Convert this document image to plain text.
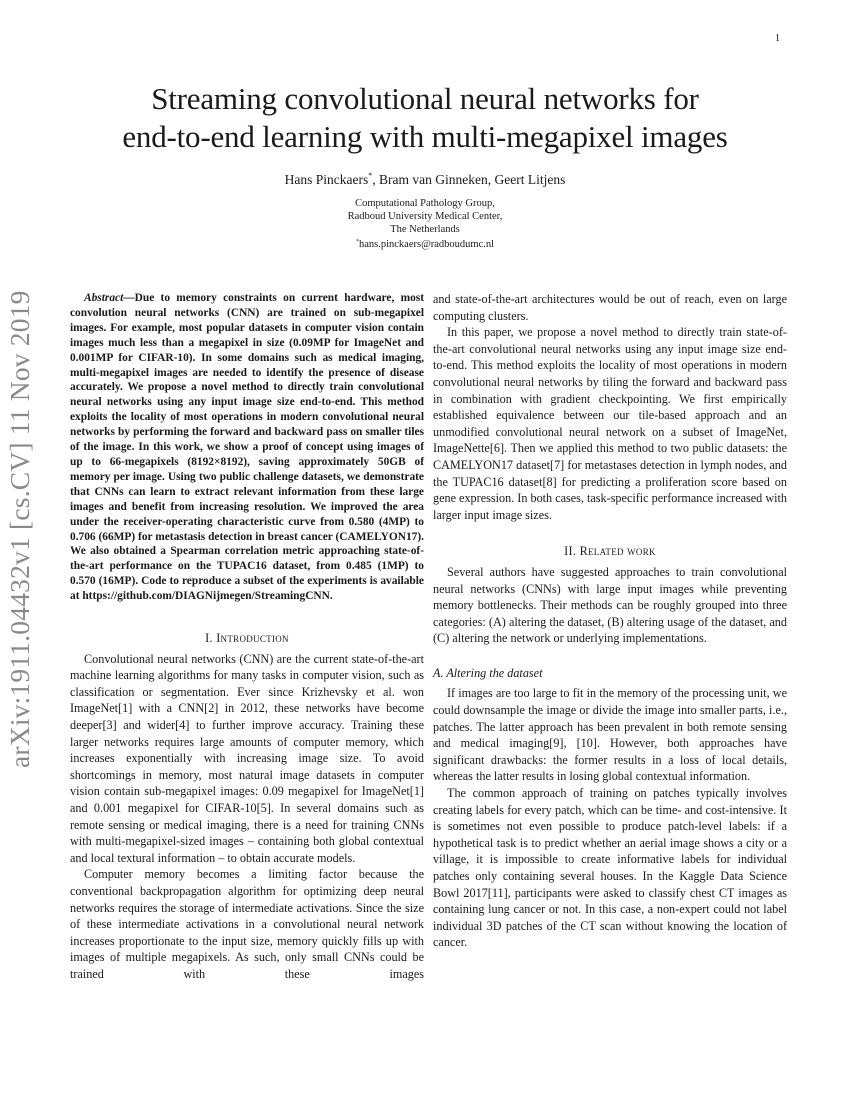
1
arXiv:1911.04432v1 [cs.CV] 11 Nov 2019
Streaming convolutional neural networks for
end-to-end learning with multi-megapixel images
Hans Pinckaers*, Bram van Ginneken, Geert Litjens
Computational Pathology Group,
Radboud University Medical Center,
The Netherlands
*hans.pinckaers@radboudumc.nl

Abstract—Due to memory constraints on current hardware, most convolution neural networks (CNN) are trained on sub-megapixel images. For example, most popular datasets in computer vision contain images much less than a megapixel in size (0.09MP for ImageNet and 0.001MP for CIFAR-10). In some domains such as medical imaging, multi-megapixel images are needed to identify the presence of disease accurately. We propose a novel method to directly train convolutional neural networks using any input image size end-to-end. This method exploits the locality of most operations in modern convolutional neural networks by performing the forward and backward pass on smaller tiles of the image. In this work, we show a proof of concept using images of up to 66-megapixels (8192×8192), saving approximately 50GB of memory per image. Using two public challenge datasets, we demonstrate that CNNs can learn to extract relevant information from these large images and benefit from increasing resolution. We improved the area under the receiver-operating characteristic curve from 0.580 (4MP) to 0.706 (66MP) for metastasis detection in breast cancer (CAMELYON17). We also obtained a Spearman correlation metric approaching state-of-the-art performance on the TUPAC16 dataset, from 0.485 (1MP) to 0.570 (16MP). Code to reproduce a subset of the experiments is available at https://github.com/DIAGNijmegen/StreamingCNN.

I. Introduction

Convolutional neural networks (CNN) are the current state-of-the-art machine learning algorithms for many tasks in computer vision, such as classification or segmentation. Ever since Krizhevsky et al. won ImageNet[1] with a CNN[2] in 2012, these networks have become deeper[3] and wider[4] to further improve accuracy. Training these larger networks requires large amounts of computer memory, which increases exponentially with increasing image size. To avoid shortcomings in memory, most natural image datasets in computer vision contain sub-megapixel images: 0.09 megapixel for ImageNet[1] and 0.001 megapixel for CIFAR-10[5]. In several domains such as remote sensing or medical imaging, there is a need for training CNNs with multi-megapixel-sized images – containing both global contextual and local textural information – to obtain accurate models.

Computer memory becomes a limiting factor because the conventional backpropagation algorithm for optimizing deep neural networks requires the storage of intermediate activations. Since the size of these intermediate activations in a convolutional neural network increases proportionate to the input size, memory quickly fills up with images of multiple megapixels. As such, only small CNNs could be trained with these images

and state-of-the-art architectures would be out of reach, even on large computing clusters.

In this paper, we propose a novel method to directly train state-of-the-art convolutional neural networks using any input image size end-to-end. This method exploits the locality of most operations in modern convolutional neural networks by tiling the forward and backward pass in combination with gradient checkpointing. We first empirically established equivalence between our tile-based approach and an unmodified convolutional neural network on a subset of ImageNet, ImageNette[6]. Then we applied this method to two public datasets: the CAMELYON17 dataset[7] for metastases detection in lymph nodes, and the TUPAC16 dataset[8] for predicting a proliferation score based on gene expression. In both cases, task-specific performance increased with larger input image sizes.

II. Related work

Several authors have suggested approaches to train convolutional neural networks (CNNs) with large input images while preventing memory bottlenecks. Their methods can be roughly grouped into three categories: (A) altering the dataset, (B) altering usage of the dataset, and (C) altering the network or underlying implementations.

A. Altering the dataset

If images are too large to fit in the memory of the processing unit, we could downsample the image or divide the image into smaller parts, i.e., patches. The latter approach has been prevalent in both remote sensing and medical imaging[9], [10]. However, both approaches have significant drawbacks: the former results in a loss of local details, whereas the latter results in losing global contextual information.

The common approach of training on patches typically involves creating labels for every patch, which can be time- and cost-intensive. It is sometimes not even possible to produce patch-level labels: if a hypothetical task is to predict whether an aerial image shows a city or a village, it is impossible to create informative labels for individual patches only containing several houses. In the Kaggle Data Science Bowl 2017[11], participants were asked to classify chest CT images as containing lung cancer or not. In this case, a non-expert could not label individual 3D patches of the CT scan without knowing the location of cancer.
